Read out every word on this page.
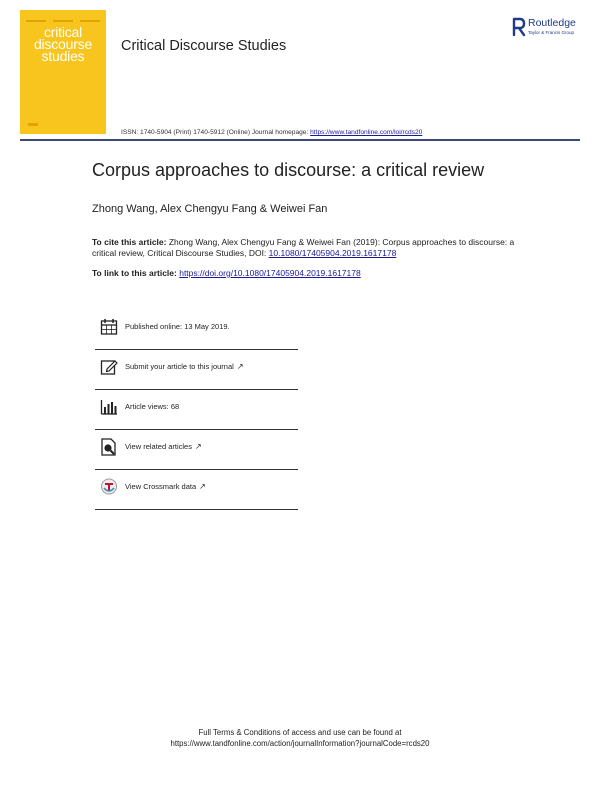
critical discourse studies
Critical Discourse Studies
Routledge
Taylor & Francis Group
ISSN: 1740-5904 (Print) 1740-5912 (Online) Journal homepage: https://www.tandfonline.com/loi/rcds20
Corpus approaches to discourse: a critical review
Zhong Wang, Alex Chengyu Fang & Weiwei Fan
To cite this article: Zhong Wang, Alex Chengyu Fang & Weiwei Fan (2019): Corpus approaches to discourse: a critical review, Critical Discourse Studies, DOI: 10.1080/17405904.2019.1617178
To link to this article: https://doi.org/10.1080/17405904.2019.1617178
Published online: 13 May 2019.
Submit your article to this journal ↗
Article views: 68
View related articles ↗
View Crossmark data ↗
Full Terms & Conditions of access and use can be found at
https://www.tandfonline.com/action/journalInformation?journalCode=rcds20
